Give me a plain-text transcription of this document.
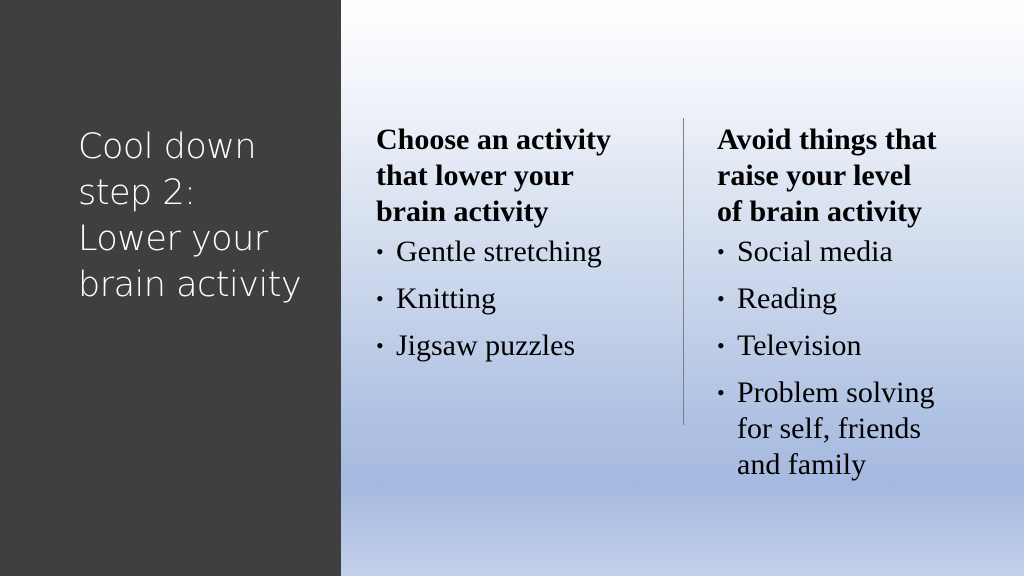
Cool down
step 2:
Lower your
brain activity
Choose an activity
that lower your
brain activity
• Gentle stretching
• Knitting
• Jigsaw puzzles
Avoid things that
raise your level
of brain activity
• Social media
• Reading
• Television
• Problem solving
for self, friends
and family
